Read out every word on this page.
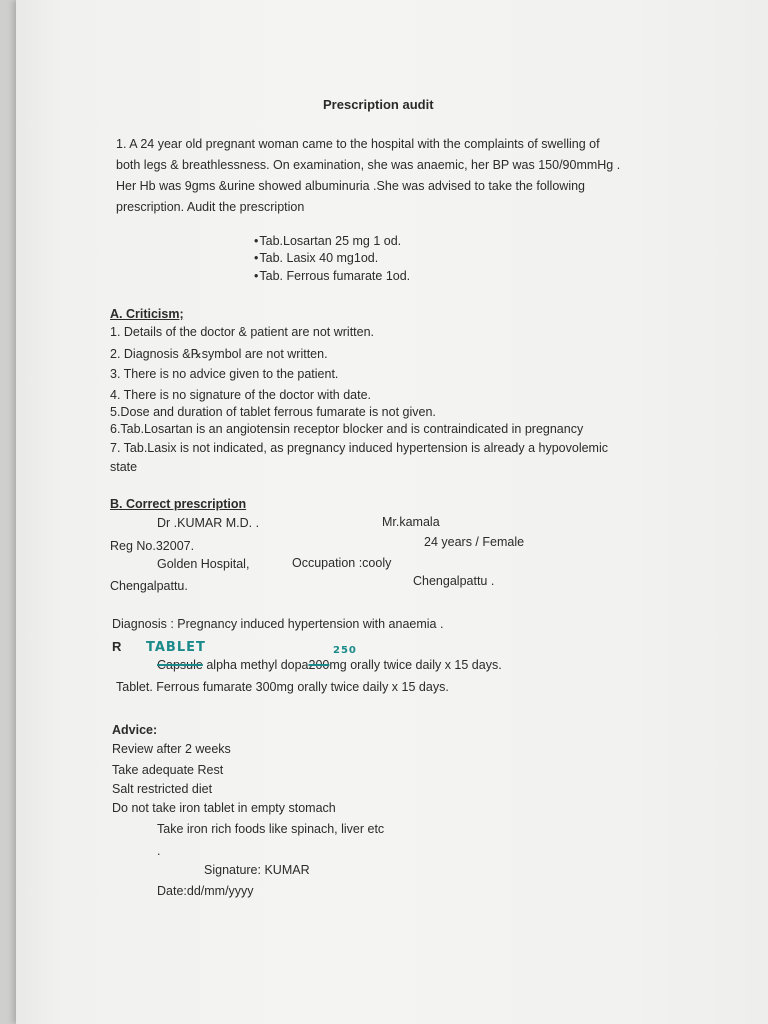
Prescription audit
1. A 24 year old pregnant woman came to the hospital with the complaints of swelling of
both legs & breathlessness. On examination, she was anaemic, her BP was 150/90mmHg .
Her Hb was 9gms &urine showed albuminuria .She was advised to take the following
prescription. Audit the prescription
• Tab.Losartan 25 mg 1 od.
• Tab. Lasix 40 mg1od.
• Tab. Ferrous fumarate 1od.
A. Criticism;
1. Details of the doctor & patient are not written.
2. Diagnosis &℞symbol are not written.
3. There is no advice given to the patient.
4. There is no signature of the doctor with date.
5.Dose and duration of tablet ferrous fumarate is not given.
6.Tab.Losartan is an angiotensin receptor blocker and is contraindicated in pregnancy
7. Tab.Lasix is not indicated, as pregnancy induced hypertension is already a hypovolemic
state
B. Correct prescription
Dr .KUMAR M.D. .	Mr.kamala
Reg No.32007.	24 years / Female
Golden Hospital,	Occupation :cooly
Chengalpattu.	Chengalpattu .
Diagnosis : Pregnancy induced hypertension with anaemia .
R TABLET	250
Capsule alpha methyl dopa200mg orally twice daily x 15 days.
Tablet. Ferrous fumarate 300mg orally twice daily x 15 days.
Advice:
Review after 2 weeks
Take adequate Rest
Salt restricted diet
Do not take iron tablet in empty stomach
Take iron rich foods like spinach, liver etc
.
Signature: KUMAR
Date:dd/mm/yyyy
